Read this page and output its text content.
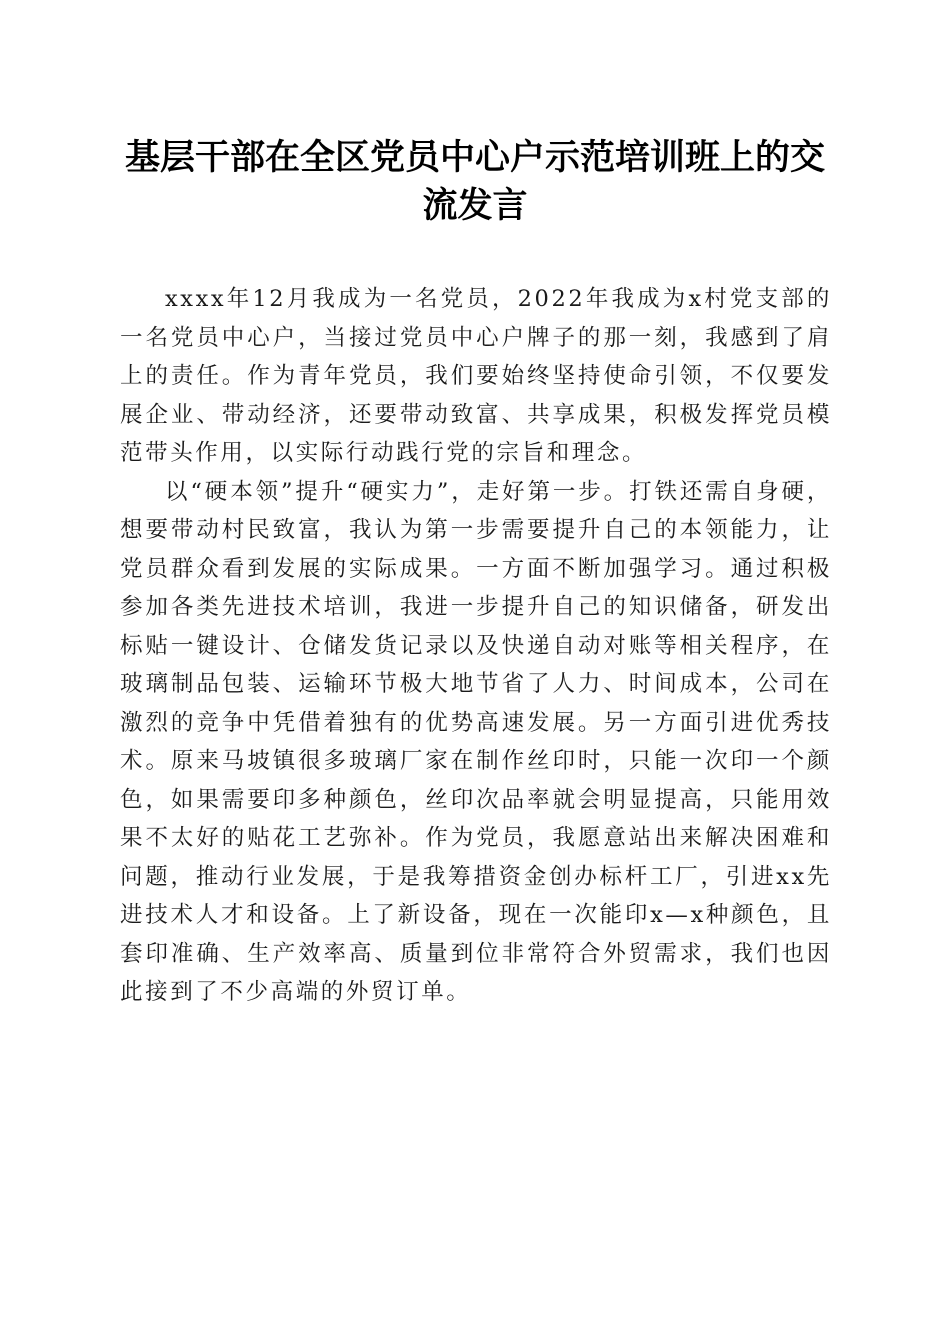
基层干部在全区党员中心户示范培训班上的交流发言

xxxx年12月我成为一名党员，2022年我成为x村党支部的一名党员中心户，当接过党员中心户牌子的那一刻，我感到了肩上的责任。作为青年党员，我们要始终坚持使命引领，不仅要发展企业、带动经济，还要带动致富、共享成果，积极发挥党员模范带头作用，以实际行动践行党的宗旨和理念。

以“硬本领”提升“硬实力”，走好第一步。打铁还需自身硬，想要带动村民致富，我认为第一步需要提升自己的本领能力，让党员群众看到发展的实际成果。一方面不断加强学习。通过积极参加各类先进技术培训，我进一步提升自己的知识储备，研发出标贴一键设计、仓储发货记录以及快递自动对账等相关程序，在玻璃制品包装、运输环节极大地节省了人力、时间成本，公司在激烈的竞争中凭借着独有的优势高速发展。另一方面引进优秀技术。原来马坡镇很多玻璃厂家在制作丝印时，只能一次印一个颜色，如果需要印多种颜色，丝印次品率就会明显提高，只能用效果不太好的贴花工艺弥补。作为党员，我愿意站出来解决困难和问题，推动行业发展，于是我筹措资金创办标杆工厂，引进xx先进技术人才和设备。上了新设备，现在一次能印x—x种颜色，且套印准确、生产效率高、质量到位非常符合外贸需求，我们也因此接到了不少高端的外贸订单。
